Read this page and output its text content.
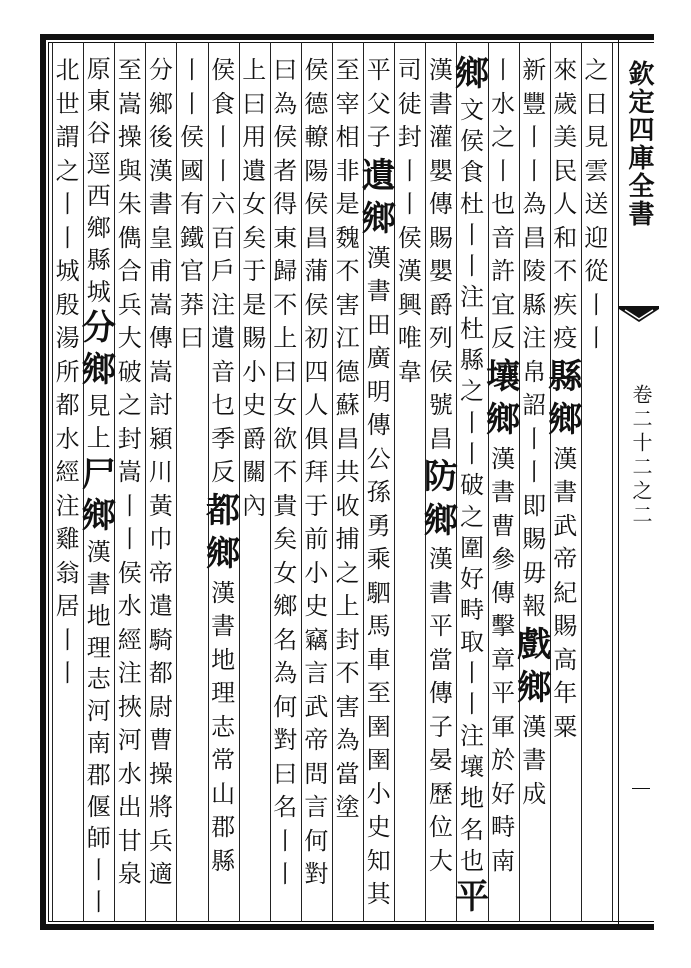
欽定四庫全書
卷二十二之二
之
日
見
雲
送
迎
從
丨
丨
來
歲
美
民
人
和
不
疾
疫
縣
鄉
漢
書
武
帝
紀
賜
高
年
粟
新
豐
丨
丨
為
昌
陵
縣
注
帛
詔
丨
丨
即
賜
毋
報
戲
鄉
漢
書
成
丨
水
之
丨
也
音
許
宜
反
壤
鄉
漢
書
曹
參
傳
擊
章
平
軍
於
好
畤
南
鄉
文
侯
食
杜
丨
丨
注
杜
縣
之
丨
丨
破
之
圍
好
畤
取
丨
丨
注
壤
地
名
也
平
漢
書
灌
嬰
傳
賜
嬰
爵
列
侯
號
昌
防
鄉
漢
書
平
當
傳
子
晏
歷
位
大
司
徒
封
丨
丨
侯
漢
興
唯
韋
平
父
子
遺
鄉
漢
書
田
廣
明
傳
公
孫
勇
乘
駟
馬
車
至
圉
圉
小
史
知
其
至
宰
相
非
是
魏
不
害
江
德
蘇
昌
共
收
捕
之
上
封
不
害
為
當
塗
侯
德
轑
陽
侯
昌
蒲
侯
初
四
人
俱
拜
于
前
小
史
竊
言
武
帝
問
言
何
對
曰
為
侯
者
得
東
歸
不
上
曰
女
欲
不
貴
矣
女
鄉
名
為
何
對
曰
名
丨
丨
上
曰
用
遺
女
矣
于
是
賜
小
史
爵
關
內
侯
食
丨
丨
六
百
戶
注
遺
音
乜
季
反
都
鄉
漢
書
地
理
志
常
山
郡
縣
丨
丨
侯
國
有
鐵
官
莽
曰
分
鄉
後
漢
書
皇
甫
嵩
傳
嵩
討
潁
川
黃
巾
帝
遣
騎
都
尉
曹
操
將
兵
適
至
嵩
操
與
朱
儁
合
兵
大
破
之
封
嵩
丨
丨
侯
水
經
注
挾
河
水
出
甘
泉
原
東
谷
逕
西
鄉
縣
城
分
鄉
見
上
尸
鄉
漢
書
地
理
志
河
南
郡
偃
師
丨
丨
北
世
謂
之
丨
丨
城
殷
湯
所
都
水
經
注
雞
翁
居
丨
丨
